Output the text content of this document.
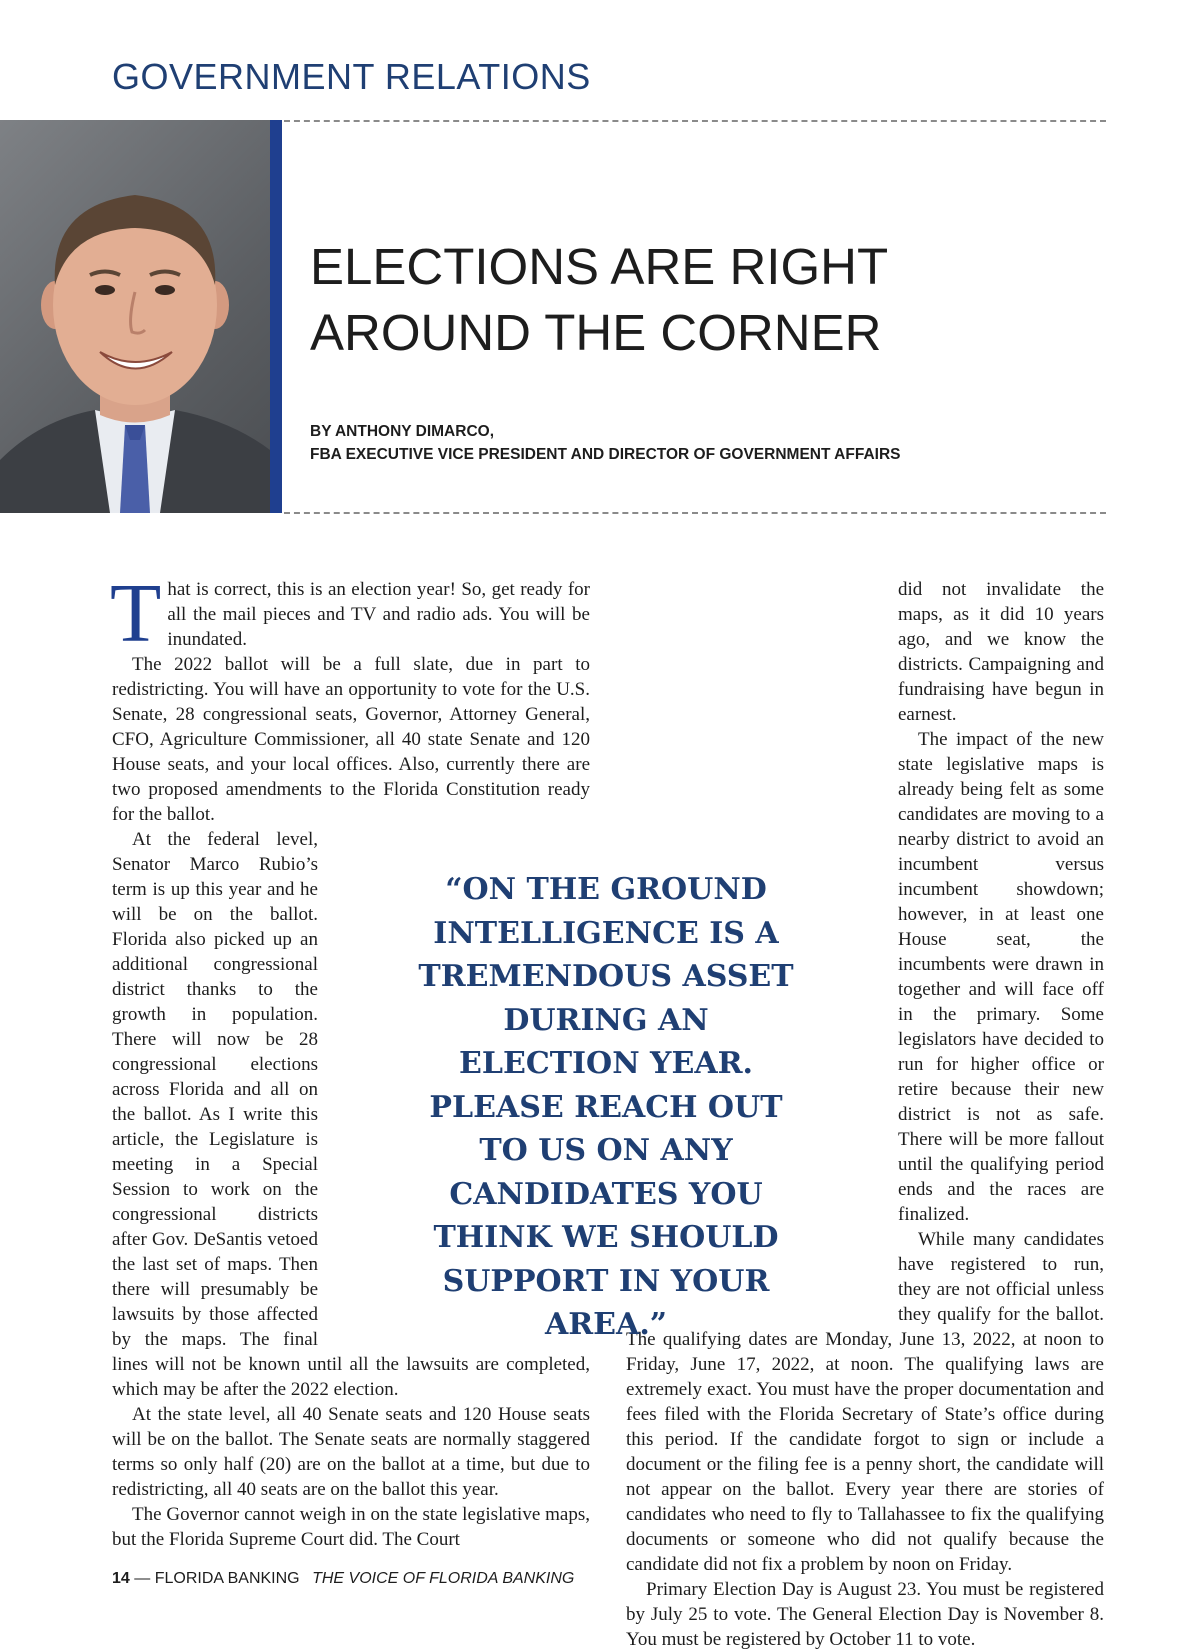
GOVERNMENT RELATIONS
ELECTIONS ARE RIGHT AROUND THE CORNER
BY ANTHONY DIMARCO,
FBA EXECUTIVE VICE PRESIDENT AND DIRECTOR OF GOVERNMENT AFFAIRS

That is correct, this is an election year! So, get ready for all the mail pieces and TV and radio ads. You will be inundated.

The 2022 ballot will be a full slate, due in part to redistricting. You will have an opportunity to vote for the U.S. Senate, 28 congressional seats, Governor, Attorney General, CFO, Agriculture Commissioner, all 40 state Senate and 120 House seats, and your local offices. Also, currently there are two proposed amendments to the Florida Constitution ready for the ballot.

At the federal level, Senator Marco Rubio’s term is up this year and he will be on the ballot. Florida also picked up an additional congressional district thanks to the growth in population. There will now be 28 congressional elections across Florida and all on the ballot. As I write this article, the Legislature is meeting in a Special Session to work on the congressional districts after Gov. DeSantis vetoed the last set of maps. Then there will presumably be lawsuits by those affected by the maps. The final lines will not be known until all the lawsuits are completed, which may be after the 2022 election.

At the state level, all 40 Senate seats and 120 House seats will be on the ballot. The Senate seats are normally staggered terms so only half (20) are on the ballot at a time, but due to redistricting, all 40 seats are on the ballot this year.

The Governor cannot weigh in on the state legislative maps, but the Florida Supreme Court did. The Court

did not invalidate the maps, as it did 10 years ago, and we know the districts. Campaigning and fundraising have begun in earnest.

The impact of the new state legislative maps is already being felt as some candidates are moving to a nearby district to avoid an incumbent versus incumbent showdown; however, in at least one House seat, the incumbents were drawn in together and will face off in the primary. Some legislators have decided to run for higher office or retire because their new district is not as safe. There will be more fallout until the qualifying period ends and the races are finalized.

While many candidates have registered to run, they are not official unless they qualify for the ballot. The qualifying dates are Monday, June 13, 2022, at noon to Friday, June 17, 2022, at noon. The qualifying laws are extremely exact. You must have the proper documentation and fees filed with the Florida Secretary of State’s office during this period. If the candidate forgot to sign or include a document or the filing fee is a penny short, the candidate will not appear on the ballot. Every year there are stories of candidates who need to fly to Tallahassee to fix the qualifying documents or someone who did not qualify because the candidate did not fix a problem by noon on Friday.

Primary Election Day is August 23. You must be registered by July 25 to vote. The General Election Day is November 8. You must be registered by October 11 to vote.

“ON THE GROUND INTELLIGENCE IS A TREMENDOUS ASSET DURING AN ELECTION YEAR. PLEASE REACH OUT TO US ON ANY CANDIDATES YOU THINK WE SHOULD SUPPORT IN YOUR AREA.”

14 — FLORIDA BANKING THE VOICE OF FLORIDA BANKING
